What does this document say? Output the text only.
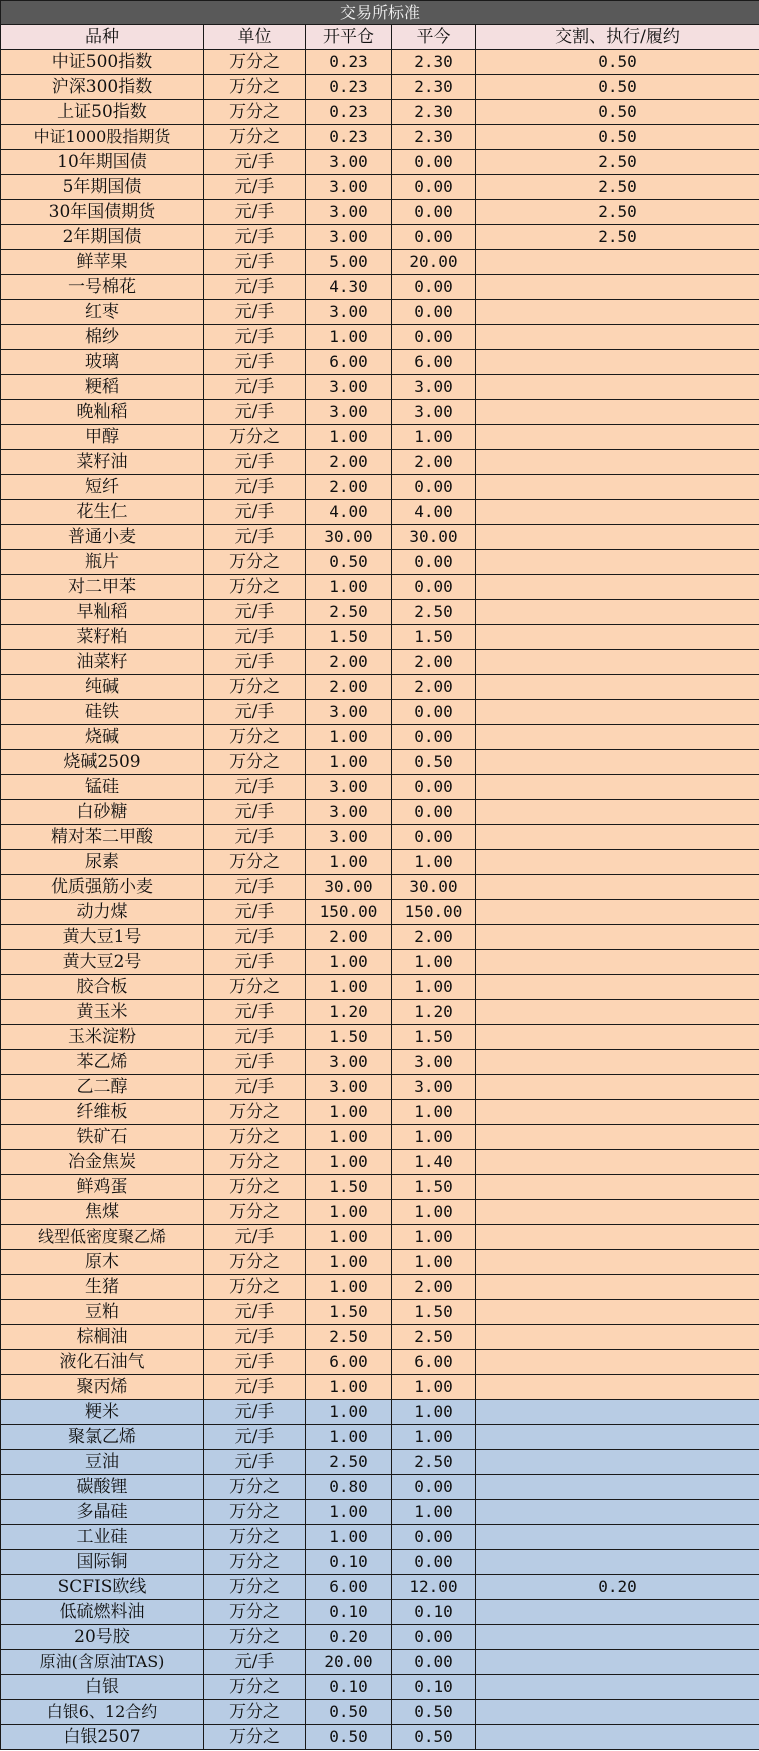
交易所标准				
品种	单位	开平仓	平今	交割、执行/履约
中证500指数	万分之	0.23	2.30	0.50
沪深300指数	万分之	0.23	2.30	0.50
上证50指数	万分之	0.23	2.30	0.50
中证1000股指期货	万分之	0.23	2.30	0.50
10年期国债	元/手	3.00	0.00	2.50
5年期国债	元/手	3.00	0.00	2.50
30年国债期货	元/手	3.00	0.00	2.50
2年期国债	元/手	3.00	0.00	2.50
鲜苹果	元/手	5.00	20.00	
一号棉花	元/手	4.30	0.00	
红枣	元/手	3.00	0.00	
棉纱	元/手	1.00	0.00	
玻璃	元/手	6.00	6.00	
粳稻	元/手	3.00	3.00	
晚籼稻	元/手	3.00	3.00	
甲醇	万分之	1.00	1.00	
菜籽油	元/手	2.00	2.00	
短纤	元/手	2.00	0.00	
花生仁	元/手	4.00	4.00	
普通小麦	元/手	30.00	30.00	
瓶片	万分之	0.50	0.00	
对二甲苯	万分之	1.00	0.00	
早籼稻	元/手	2.50	2.50	
菜籽粕	元/手	1.50	1.50	
油菜籽	元/手	2.00	2.00	
纯碱	万分之	2.00	2.00	
硅铁	元/手	3.00	0.00	
烧碱	万分之	1.00	0.00	
烧碱2509	万分之	1.00	0.50	
锰硅	元/手	3.00	0.00	
白砂糖	元/手	3.00	0.00	
精对苯二甲酸	元/手	3.00	0.00	
尿素	万分之	1.00	1.00	
优质强筋小麦	元/手	30.00	30.00	
动力煤	元/手	150.00	150.00	
黄大豆1号	元/手	2.00	2.00	
黄大豆2号	元/手	1.00	1.00	
胶合板	万分之	1.00	1.00	
黄玉米	元/手	1.20	1.20	
玉米淀粉	元/手	1.50	1.50	
苯乙烯	元/手	3.00	3.00	
乙二醇	元/手	3.00	3.00	
纤维板	万分之	1.00	1.00	
铁矿石	万分之	1.00	1.00	
冶金焦炭	万分之	1.00	1.40	
鲜鸡蛋	万分之	1.50	1.50	
焦煤	万分之	1.00	1.00	
线型低密度聚乙烯	元/手	1.00	1.00	
原木	万分之	1.00	1.00	
生猪	万分之	1.00	2.00	
豆粕	元/手	1.50	1.50	
棕榈油	元/手	2.50	2.50	
液化石油气	元/手	6.00	6.00	
聚丙烯	元/手	1.00	1.00	
粳米	元/手	1.00	1.00	
聚氯乙烯	元/手	1.00	1.00	
豆油	元/手	2.50	2.50	
碳酸锂	万分之	0.80	0.00	
多晶硅	万分之	1.00	1.00	
工业硅	万分之	1.00	0.00	
国际铜	万分之	0.10	0.00	
SCFIS欧线	万分之	6.00	12.00	0.20
低硫燃料油	万分之	0.10	0.10	
20号胶	万分之	0.20	0.00	
原油(含原油TAS)	元/手	20.00	0.00	
白银	万分之	0.10	0.10	
白银6、12合约	万分之	0.50	0.50	
白银2507	万分之	0.50	0.50	
